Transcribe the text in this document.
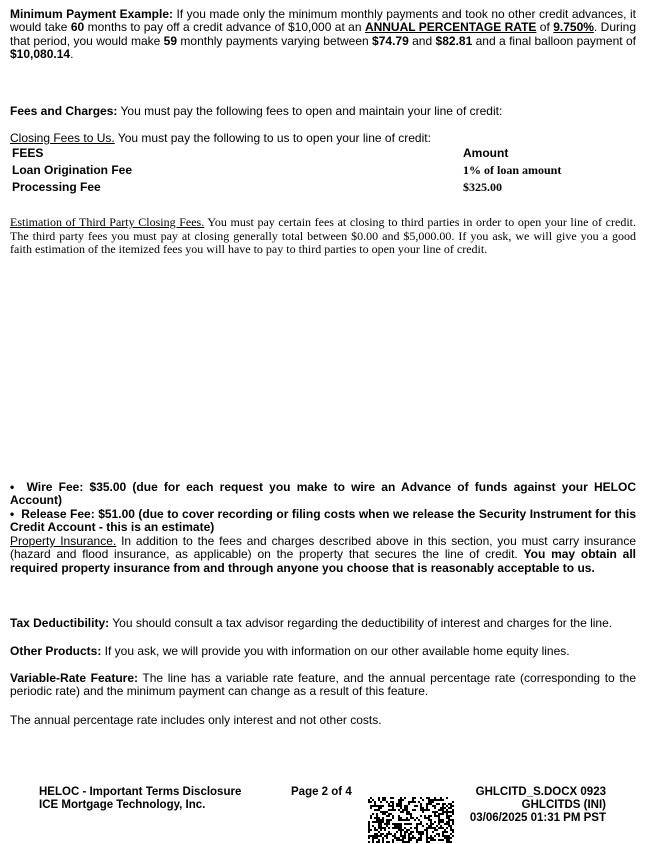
Minimum Payment Example: If you made only the minimum monthly payments and took no other credit advances, it would take 60 months to pay off a credit advance of $10,000 at an ANNUAL PERCENTAGE RATE of 9.750%. During that period, you would make 59 monthly payments varying between $74.79 and $82.81 and a final balloon payment of $10,080.14.

Fees and Charges: You must pay the following fees to open and maintain your line of credit:

Closing Fees to Us. You must pay the following to us to open your line of credit:

FEES	Amount
Loan Origination Fee	1% of loan amount
Processing Fee	$325.00

Estimation of Third Party Closing Fees. You must pay certain fees at closing to third parties in order to open your line of credit. The third party fees you must pay at closing generally total between $0.00 and $5,000.00. If you ask, we will give you a good faith estimation of the itemized fees you will have to pay to third parties to open your line of credit.

• Wire Fee: $35.00 (due for each request you make to wire an Advance of funds against your HELOC Account)
• Release Fee: $51.00 (due to cover recording or filing costs when we release the Security Instrument for this Credit Account - this is an estimate)

Property Insurance. In addition to the fees and charges described above in this section, you must carry insurance (hazard and flood insurance, as applicable) on the property that secures the line of credit. You may obtain all required property insurance from and through anyone you choose that is reasonably acceptable to us.

Tax Deductibility: You should consult a tax advisor regarding the deductibility of interest and charges for the line.

Other Products: If you ask, we will provide you with information on our other available home equity lines.

Variable-Rate Feature: The line has a variable rate feature, and the annual percentage rate (corresponding to the periodic rate) and the minimum payment can change as a result of this feature.

The annual percentage rate includes only interest and not other costs.

HELOC - Important Terms Disclosure
ICE Mortgage Technology, Inc.
Page 2 of 4	GHLCITD_S.DOCX 0923
GHLCITDS (INI)
03/06/2025 01:31 PM PST
